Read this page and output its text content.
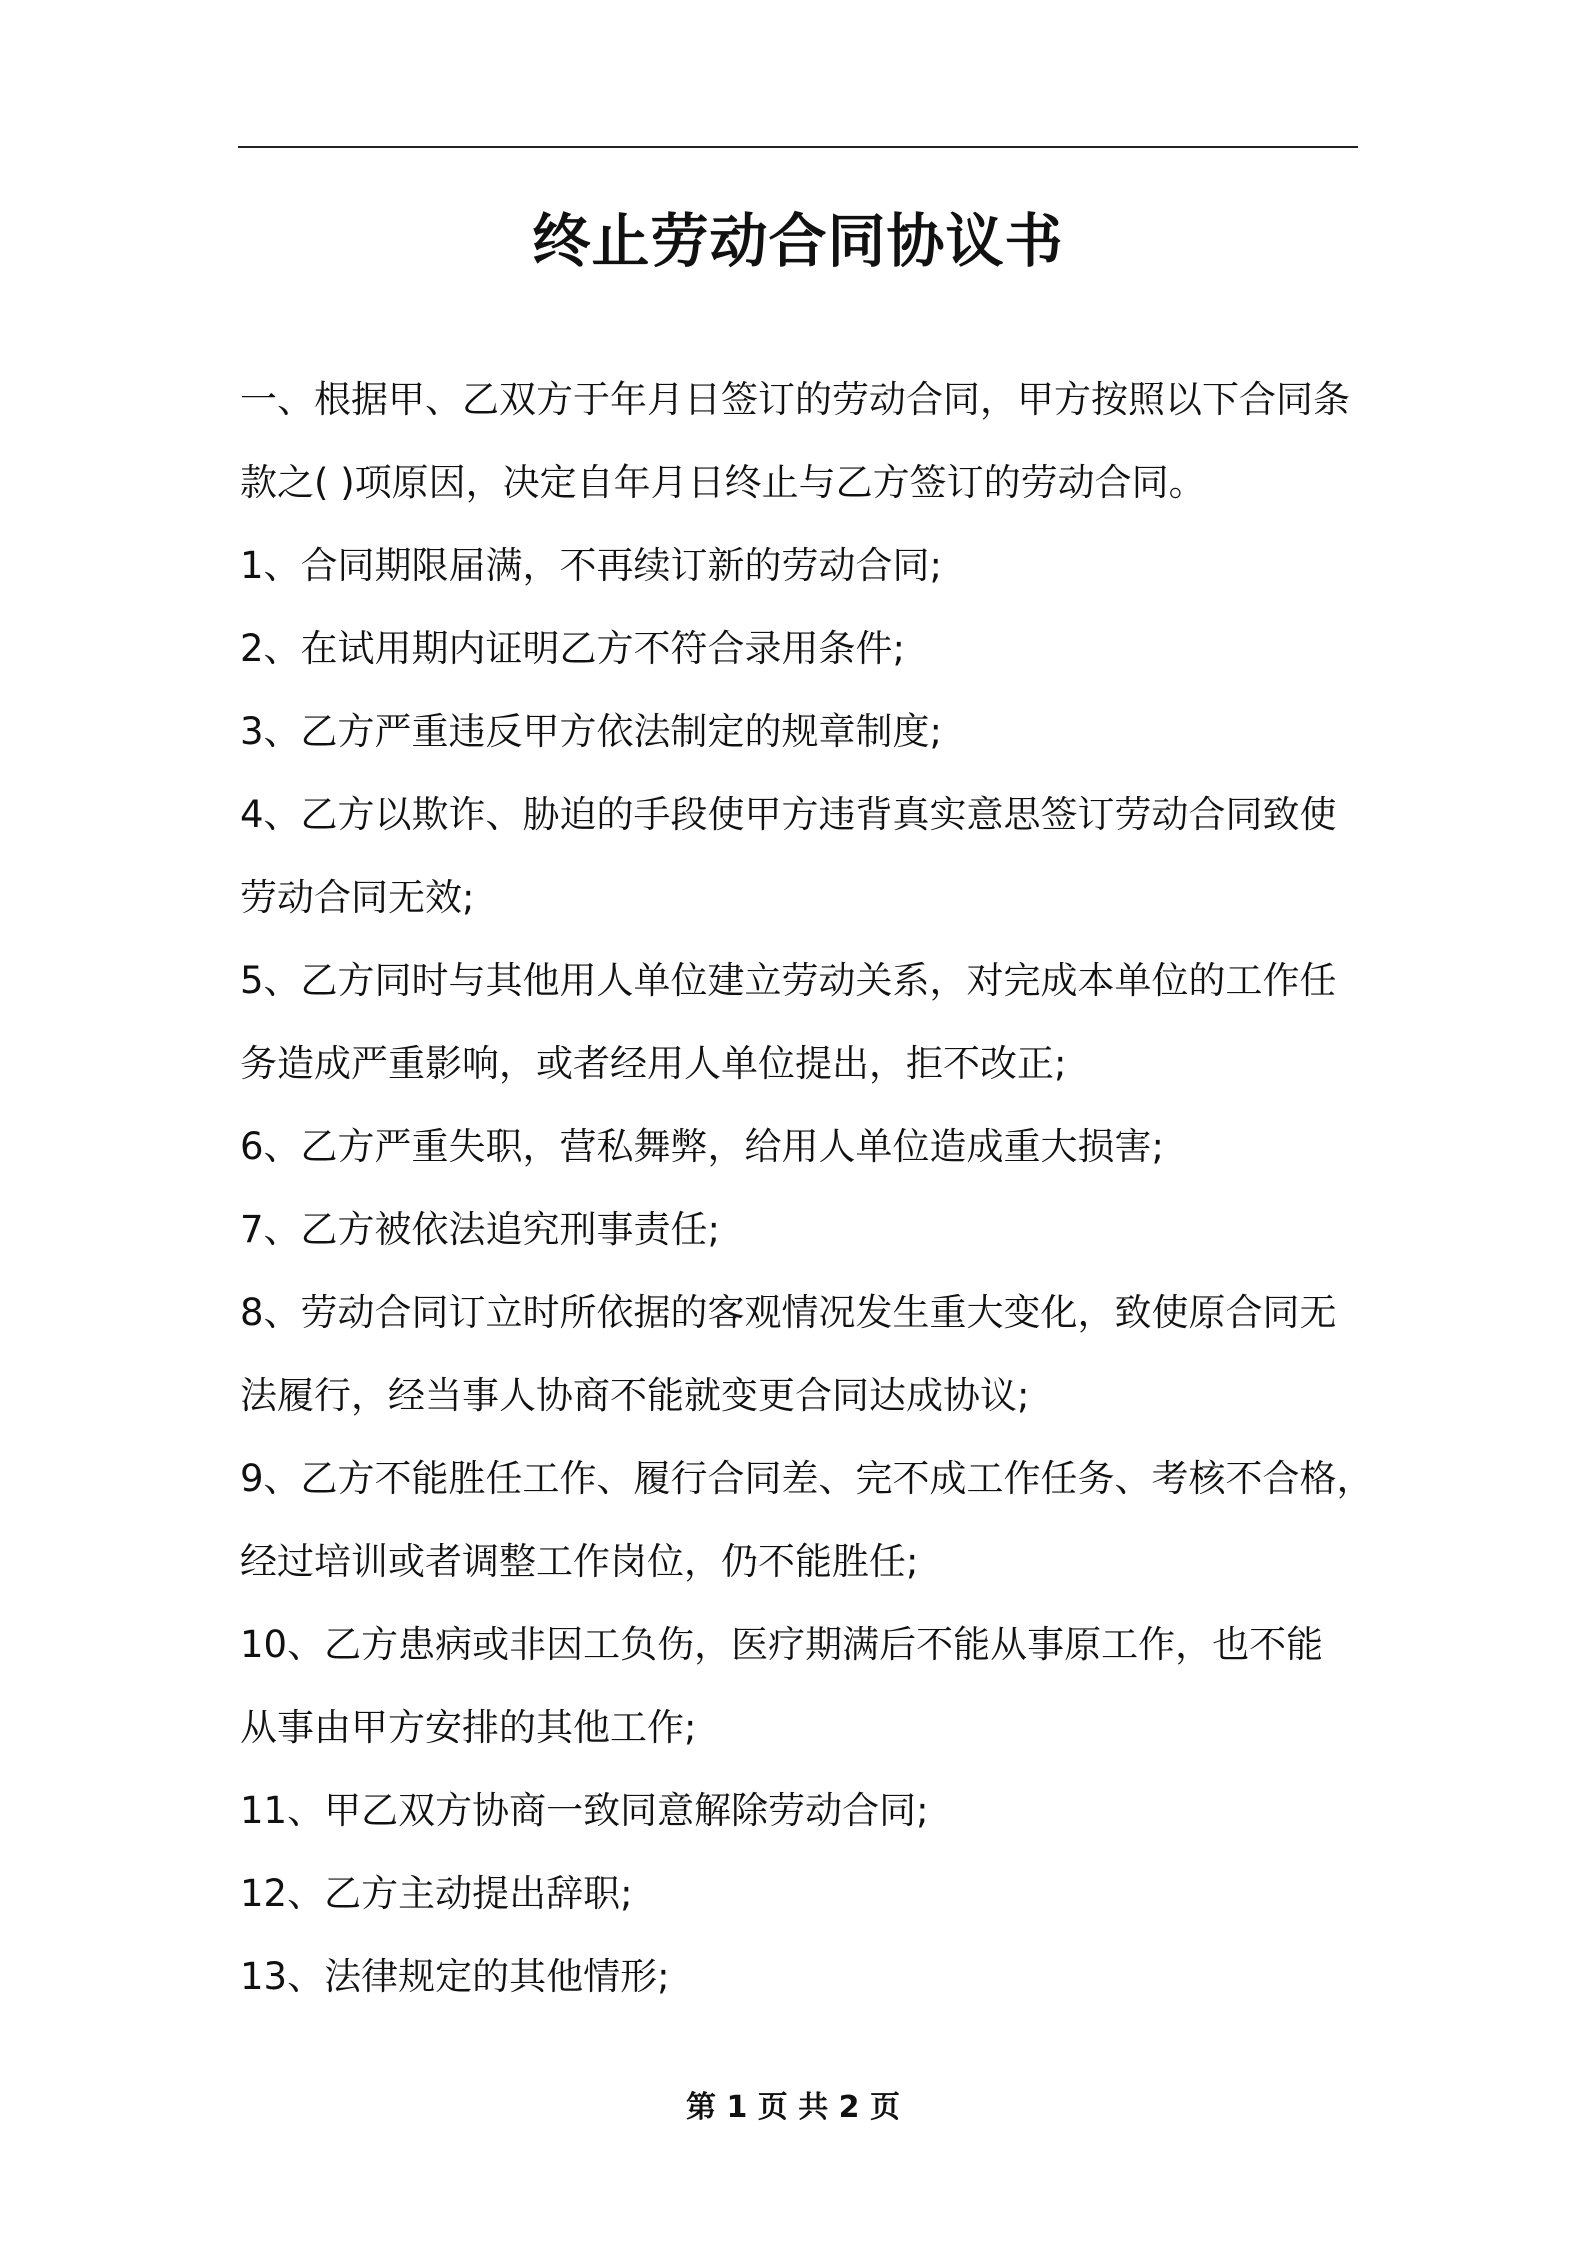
终止劳动合同协议书
一、根据甲、乙双方于年月日签订的劳动合同，甲方按照以下合同条
款之( )项原因，决定自年月日终止与乙方签订的劳动合同。
1、合同期限届满，不再续订新的劳动合同;
2、在试用期内证明乙方不符合录用条件;
3、乙方严重违反甲方依法制定的规章制度;
4、乙方以欺诈、胁迫的手段使甲方违背真实意思签订劳动合同致使
劳动合同无效;
5、乙方同时与其他用人单位建立劳动关系，对完成本单位的工作任
务造成严重影响，或者经用人单位提出，拒不改正;
6、乙方严重失职，营私舞弊，给用人单位造成重大损害;
7、乙方被依法追究刑事责任;
8、劳动合同订立时所依据的客观情况发生重大变化，致使原合同无
法履行，经当事人协商不能就变更合同达成协议;
9、乙方不能胜任工作、履行合同差、完不成工作任务、考核不合格，
经过培训或者调整工作岗位，仍不能胜任;
10、乙方患病或非因工负伤，医疗期满后不能从事原工作，也不能
从事由甲方安排的其他工作;
11、甲乙双方协商一致同意解除劳动合同;
12、乙方主动提出辞职;
13、法律规定的其他情形;
第 1 页 共 2 页
